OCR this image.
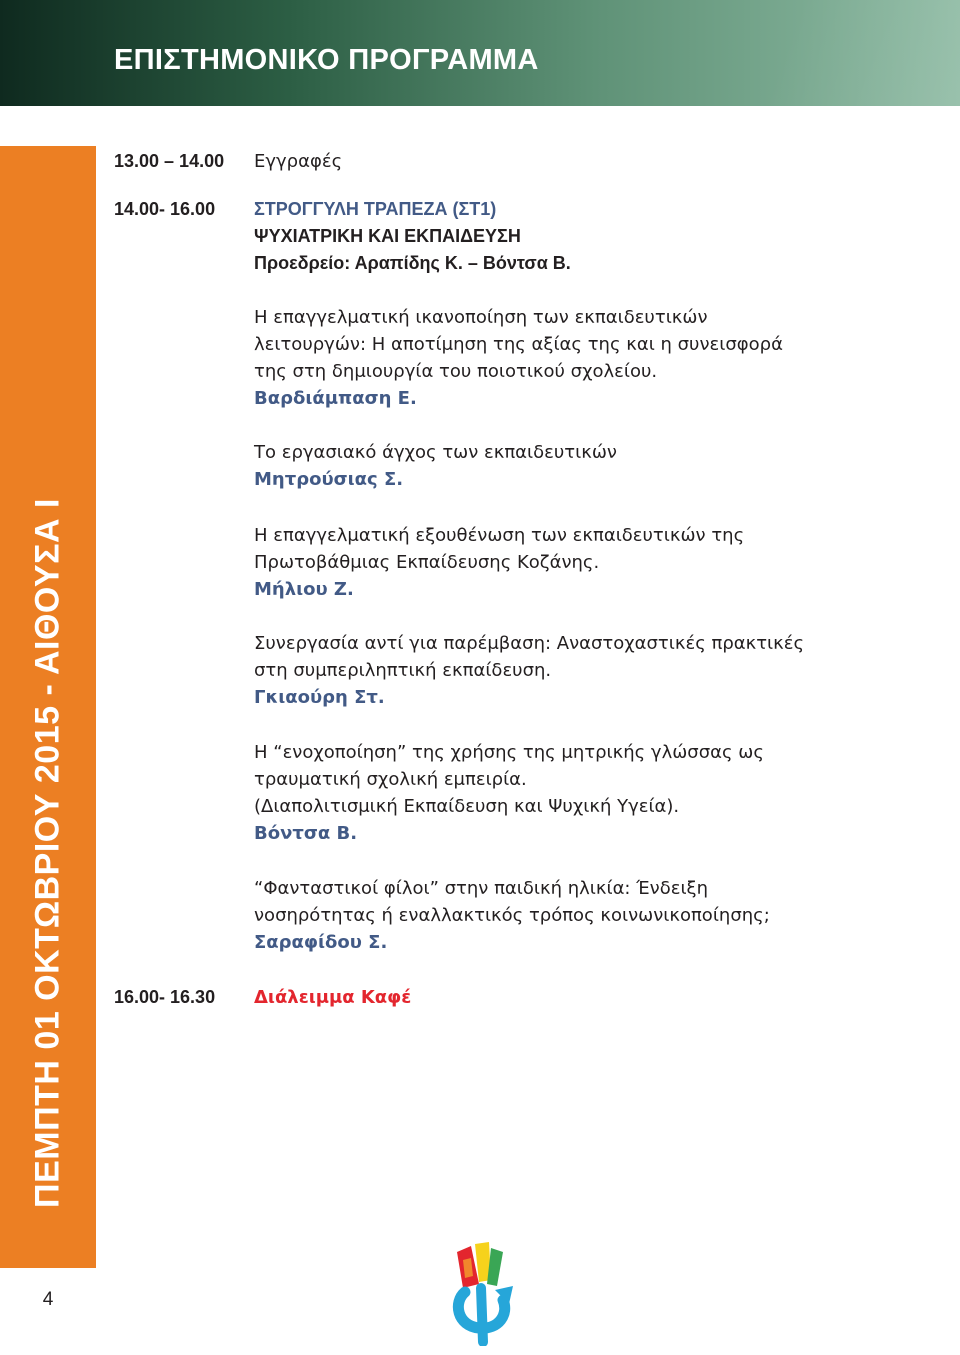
ΕΠΙΣΤΗΜΟΝΙΚΟ ΠΡΟΓΡΑΜΜΑ
ΠΕΜΠΤΗ 01 ΟΚΤΩΒΡΙΟΥ 2015 - ΑΙΘΟΥΣΑ Ι
4
13.00 – 14.00 Εγγραφές
14.00- 16.00 ΣΤΡΟΓΓΥΛΗ ΤΡΑΠΕΖΑ (ΣΤ1)
ΨΥΧΙΑΤΡΙΚΗ ΚΑΙ ΕΚΠΑΙΔΕΥΣΗ
Προεδρείο: Αραπίδης Κ. – Βόντσα Β.

Η επαγγελματική ικανοποίηση των εκπαιδευτικών

λειτουργών: Η αποτίμηση της αξίας της και η συνεισφορά

της στη δημιουργία του ποιοτικού σχολείου.

Βαρδιάμπαση Ε.

Το εργασιακό άγχος των εκπαιδευτικών

Μητρούσιας Σ.

Η επαγγελματική εξουθένωση των εκπαιδευτικών της

Πρωτοβάθμιας Εκπαίδευσης Κοζάνης.

Μήλιου Ζ.

Συνεργασία αντί για παρέμβαση: Αναστοχαστικές πρακτικές

στη συμπεριληπτική εκπαίδευση.

Γκιαούρη Στ.

Η “ενοχοποίηση” της χρήσης της μητρικής γλώσσας ως

τραυματική σχολική εμπειρία.

(Διαπολιτισμική Εκπαίδευση και Ψυχική Υγεία).

Βόντσα Β.

“Φανταστικοί φίλοι” στην παιδική ηλικία: Ένδειξη

νοσηρότητας ή εναλλακτικός τρόπος κοινωνικοποίησης;

Σαραφίδου Σ.

16.00- 16.30 Διάλειμμα Καφέ
